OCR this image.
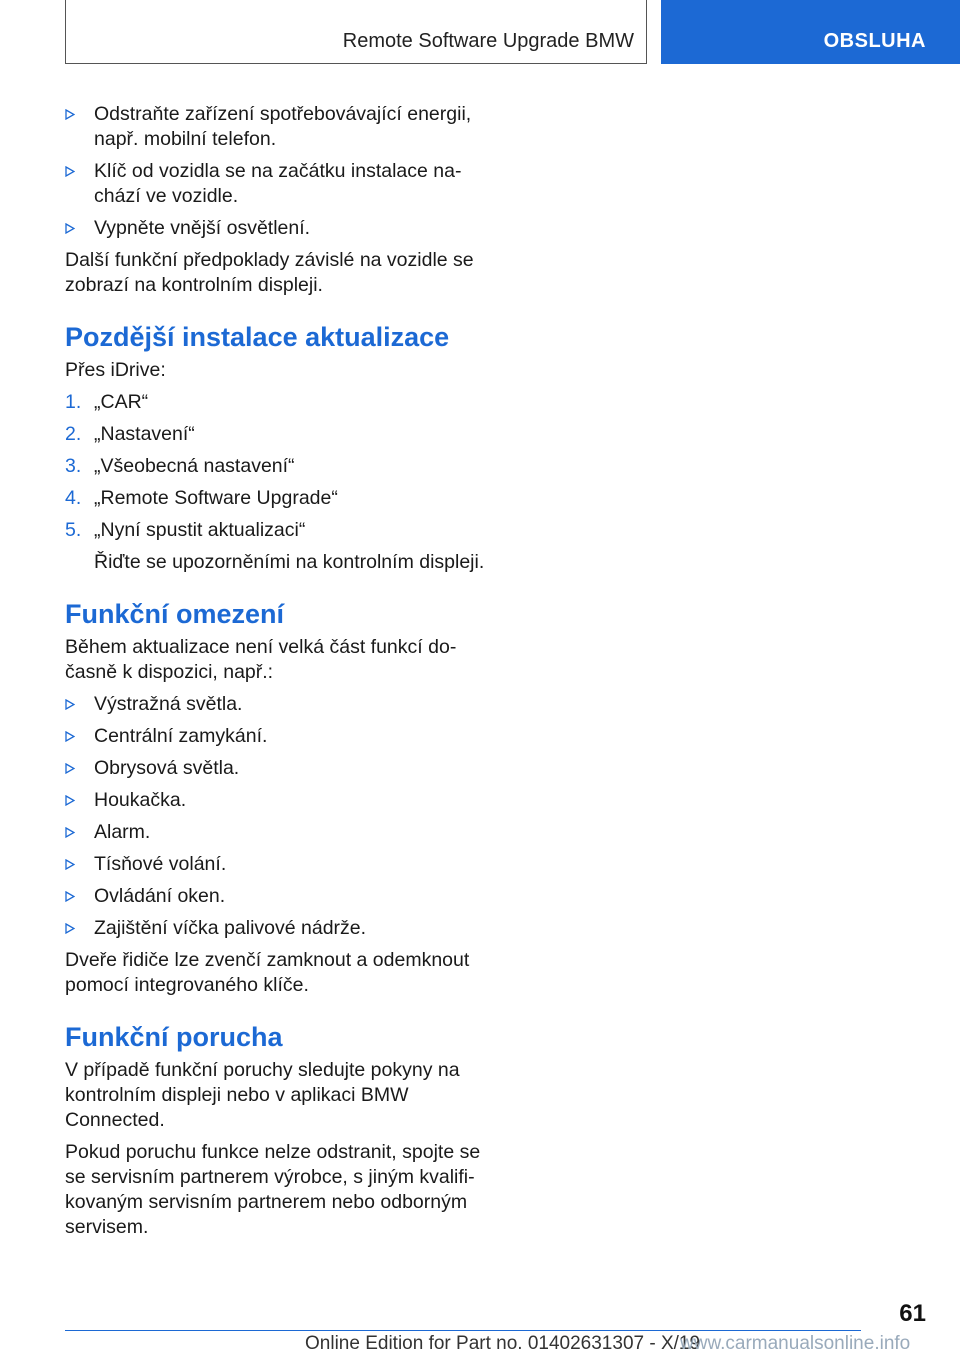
Remote Software Upgrade BMW	OBSLUHA
Odstraňte zařízení spotřebovávající energii, např. mobilní telefon.
Klíč od vozidla se na začátku instalace nachází ve vozidle.
Vypněte vnější osvětlení.

Další funkční předpoklady závislé na vozidle se zobrazí na kontrolním displeji.

Pozdější instalace aktualizace

Přes iDrive:

1. „CAR“
2. „Nastavení“
3. „Všeobecná nastavení“
4. „Remote Software Upgrade“
5. „Nyní spustit aktualizaci“
Řiďte se upozorněními na kontrolním displeji.
Funkční omezení

Během aktualizace není velká část funkcí dočasně k dispozici, např.:

Výstražná světla.
Centrální zamykání.
Obrysová světla.
Houkačka.
Alarm.
Tísňové volání.
Ovládání oken.
Zajištění víčka palivové nádrže.

Dveře řidiče lze zvenčí zamknout a odemknout pomocí integrovaného klíče.

Funkční porucha

V případě funkční poruchy sledujte pokyny na kontrolním displeji nebo v aplikaci BMW Connected.

Pokud poruchu funkce nelze odstranit, spojte se se servisním partnerem výrobce, s jiným kvalifikovaným servisním partnerem nebo odborným servisem.

61
Online Edition for Part no. 01402631307 - X/19
www.carmanualsonline.info
